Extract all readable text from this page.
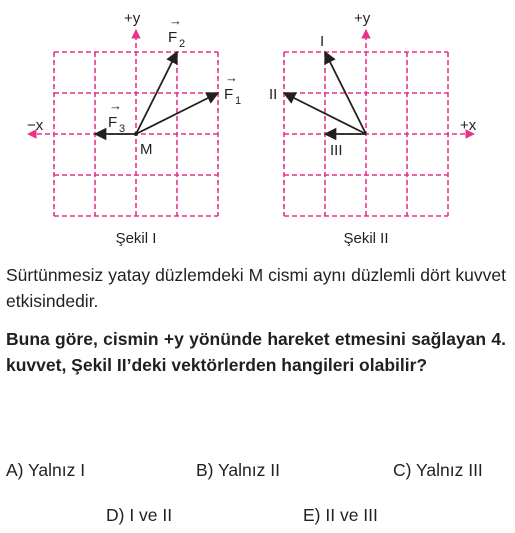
+y
−x
M
→
F 1
→
F 2
→
F 3
Şekil I
+y
+x
I
II
III
Şekil II

Sürtünmesiz yatay düzlemdeki M cismi aynı düzlemli dört kuvvet etkisindedir.

Buna göre, cismin +y yönünde hareket etmesini sağlayan 4. kuvvet, Şekil II’deki vektörlerden hangileri olabilir?

A) Yalnız I	B) Yalnız II	C) Yalnız III
D) I ve II	E) II ve III
